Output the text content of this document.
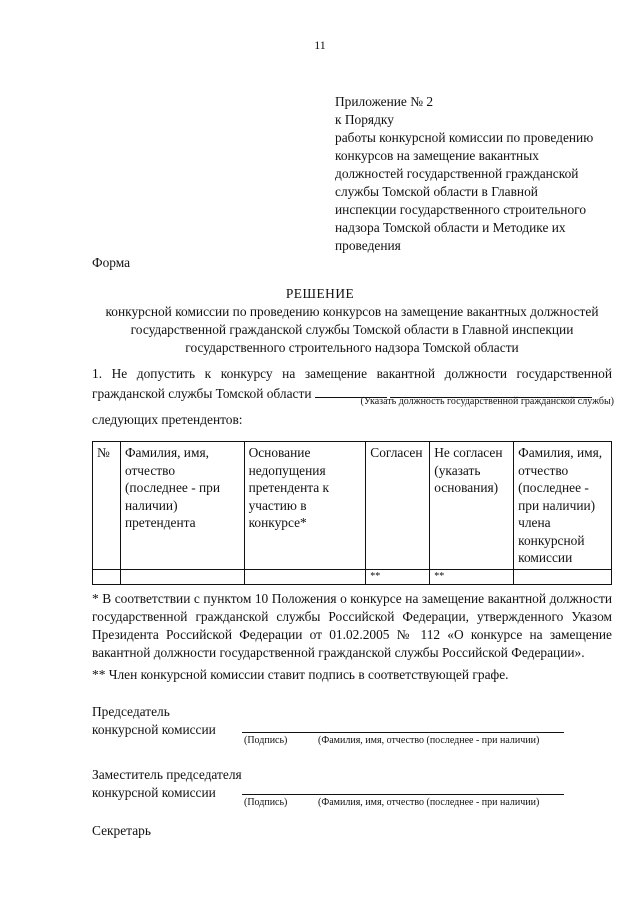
11
Приложение № 2
к Порядку
работы конкурсной комиссии по проведению
конкурсов на замещение вакантных
должностей государственной гражданской
службы Томской области в Главной
инспекции государственного строительного
надзора Томской области и Методике их
проведения
Форма
РЕШЕНИЕ
конкурсной комиссии по проведению конкурсов на замещение вакантных должностей государственной гражданской службы Томской области в Главной инспекции государственного строительного надзора Томской области
1. Не допустить к конкурсу на замещение вакантной должности государственной гражданской службы Томской области
(Указать должность государственной гражданской службы)
следующих претендентов:
№	Фамилия, имя, отчество (последнее - при наличии) претендента	Основание недопущения претендента к участию в конкурсе*	Согласен	Не согласен (указать основания)	Фамилия, имя, отчество (последнее - при наличии) члена конкурсной комиссии
			**	**	
* В соответствии с пунктом 10 Положения о конкурсе на замещение вакантной должности государственной гражданской службы Российской Федерации, утвержденного Указом Президента Российской Федерации от 01.02.2005 № 112 «О конкурсе на замещение вакантной должности государственной гражданской службы Российской Федерации».
** Член конкурсной комиссии ставит подпись в соответствующей графе.
Председатель
конкурсной комиссии
(Подпись)	(Фамилия, имя, отчество (последнее - при наличии)
Заместитель председателя
конкурсной комиссии
(Подпись)	(Фамилия, имя, отчество (последнее - при наличии)
Секретарь
